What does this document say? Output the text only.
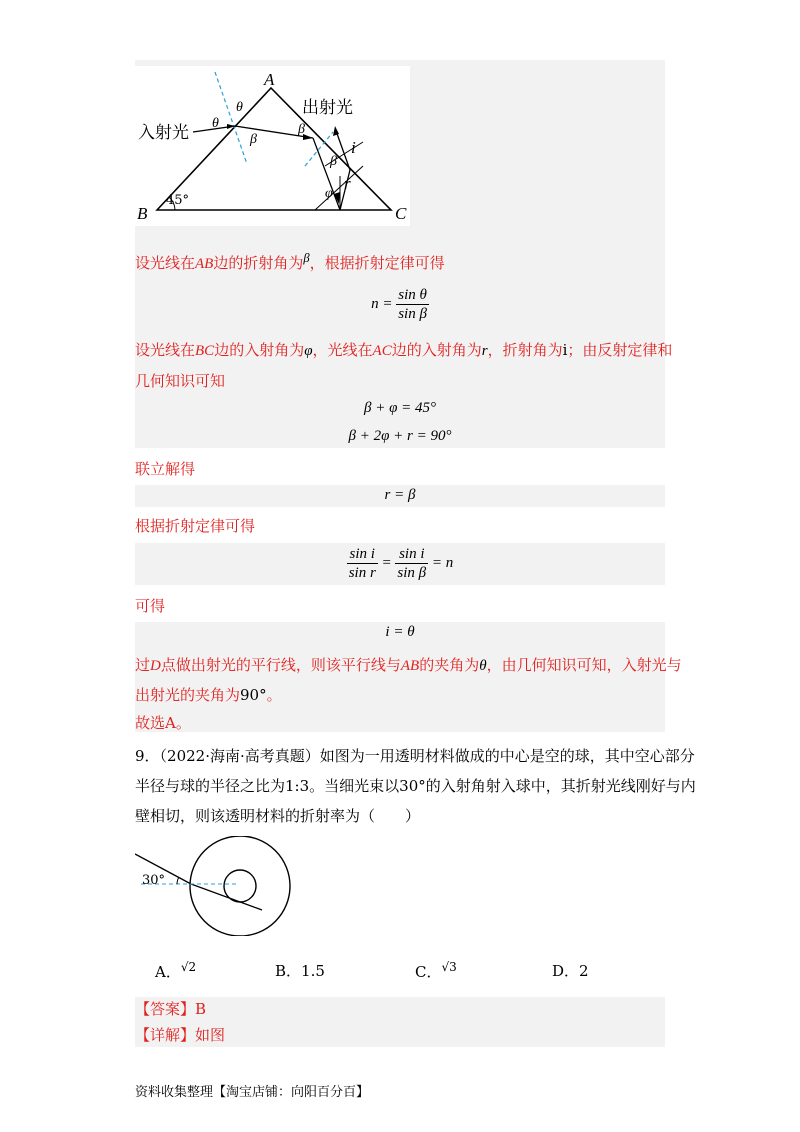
入射光
出射光
A
B	C
45°
θ
θ
β
β
β
i
r
φ
设光线在AB边的折射角为$^\beta$，根据折射定律可得
$n = \frac{\text{sin θ}}{\text{sin β}}$
设光线在BC边的入射角为φ，光线在AC边的入射角为r，折射角为i；由反射定律和
几何知识可知
β + φ = 45°
β + 2φ + r = 90°
联立解得
r = β
根据折射定律可得
$\frac{\text{sin i}}{\text{sin r}} = \frac{\text{sin i}}{\text{sin β}} = n$
可得
i = θ
过D点做出射光的平行线，则该平行线与AB的夹角为θ，由几何知识可知，入射光与
出射光的夹角为90°。
故选A。
9．（2022·海南·高考真题）如图为一用透明材料做成的中心是空的球，其中空心部分
半径与球的半径之比为1:3。当细光束以30°的入射角射入球中，其折射光线刚好与内
壁相切，则该透明材料的折射率为（　　）
30°
A．$^{√2}$	B．1.5	C．$^{√3}$	D．2
【答案】B
【详解】如图
资料收集整理【淘宝店铺：向阳百分百】
